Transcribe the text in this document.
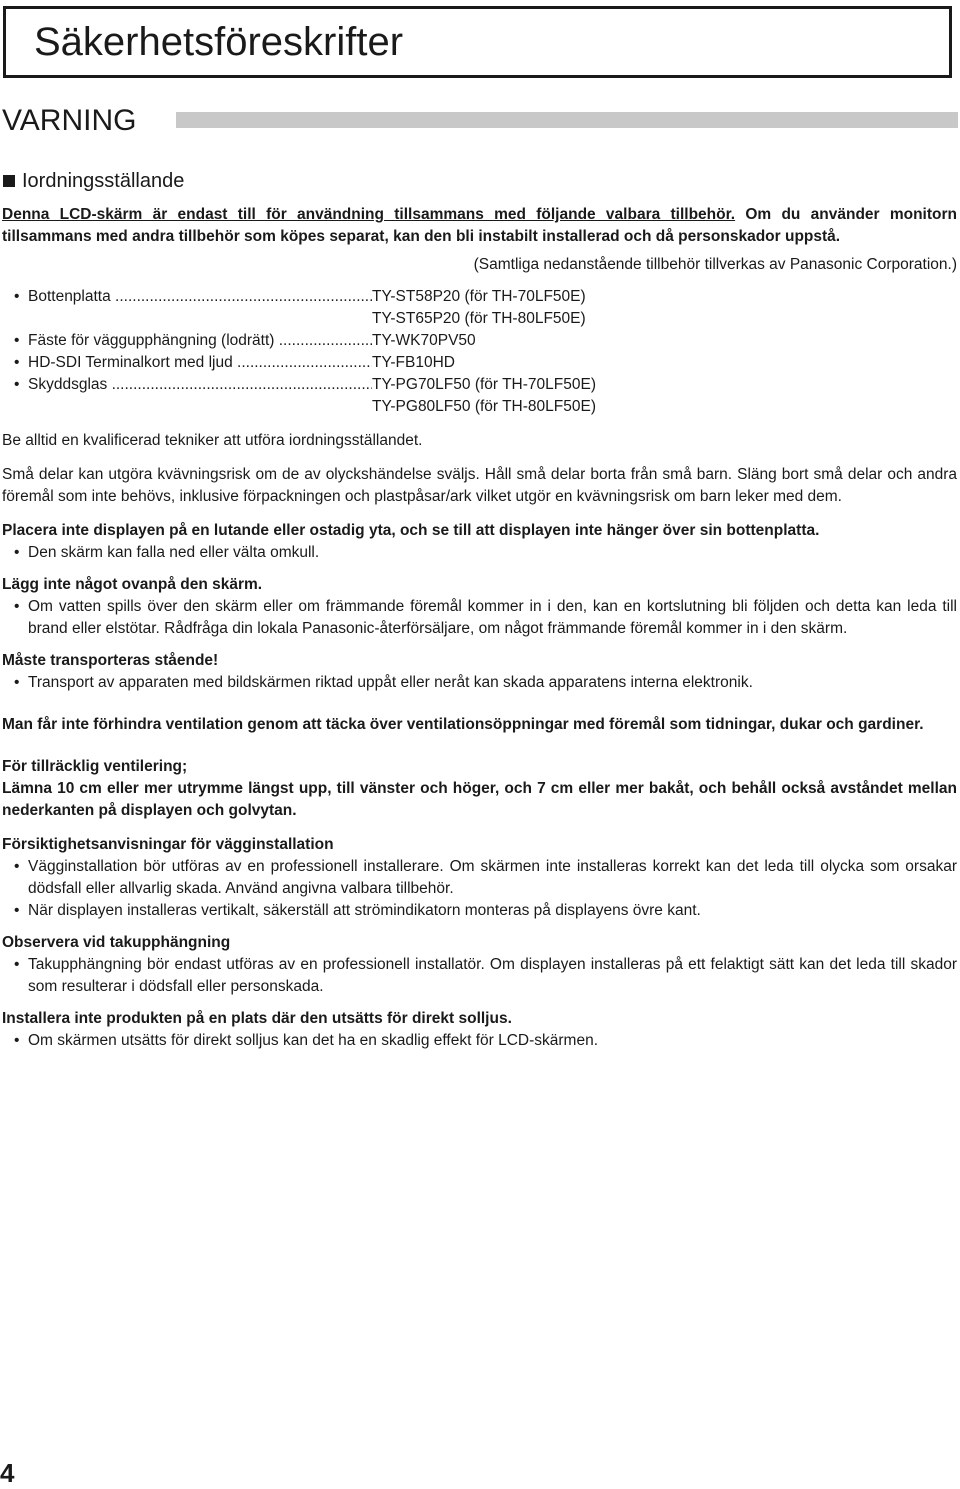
Säkerhetsföreskrifter
VARNING
Iordningsställande

Denna LCD-skärm är endast till för användning tillsammans med följande valbara tillbehör. Om du använder monitorn tillsammans med andra tillbehör som köpes separat, kan den bli instabilt installerad och då personskador uppstå.

(Samtliga nedanstående tillbehör tillverkas av Panasonic Corporation.)

•
Bottenplatta .....	TY-ST58P20 (för TH-70LF50E)
TY-ST65P20 (för TH-80LF50E)
•
Fäste för väggupphängning (lodrätt) .....	TY-WK70PV50
•
HD-SDI Terminalkort med ljud .....	TY-FB10HD
•
Skyddsglas .....	TY-PG70LF50 (för TH-70LF50E)
TY-PG80LF50 (för TH-80LF50E)

Be alltid en kvalificerad tekniker att utföra iordningsställandet.

Små delar kan utgöra kvävningsrisk om de av olyckshändelse sväljs. Håll små delar borta från små barn. Släng bort små delar och andra föremål som inte behövs, inklusive förpackningen och plastpåsar/ark vilket utgör en kvävningsrisk om barn leker med dem.

Placera inte displayen på en lutande eller ostadig yta, och se till att displayen inte hänger över sin bottenplatta.

• Den skärm kan falla ned eller välta omkull.

Lägg inte något ovanpå den skärm.

• Om vatten spills över den skärm eller om främmande föremål kommer in i den, kan en kortslutning bli följden och detta kan leda till brand eller elstötar. Rådfråga din lokala Panasonic-återförsäljare, om något främmande föremål kommer in i den skärm.

Måste transporteras stående!

• Transport av apparaten med bildskärmen riktad uppåt eller neråt kan skada apparatens interna elektronik.

Man får inte förhindra ventilation genom att täcka över ventilationsöppningar med föremål som tidningar, dukar och gardiner.

För tillräcklig ventilering;

Lämna 10 cm eller mer utrymme längst upp, till vänster och höger, och 7 cm eller mer bakåt, och behåll också avståndet mellan nederkanten på displayen och golvytan.

Försiktighetsanvisningar för vägginstallation

• Vägginstallation bör utföras av en professionell installerare. Om skärmen inte installeras korrekt kan det leda till olycka som orsakar dödsfall eller allvarlig skada. Använd angivna valbara tillbehör.

• När displayen installeras vertikalt, säkerställ att strömindikatorn monteras på displayens övre kant.

Observera vid takupphängning

• Takupphängning bör endast utföras av en professionell installatör. Om displayen installeras på ett felaktigt sätt kan det leda till skador som resulterar i dödsfall eller personskada.

Installera inte produkten på en plats där den utsätts för direkt solljus.

• Om skärmen utsätts för direkt solljus kan det ha en skadlig effekt för LCD-skärmen.

4
